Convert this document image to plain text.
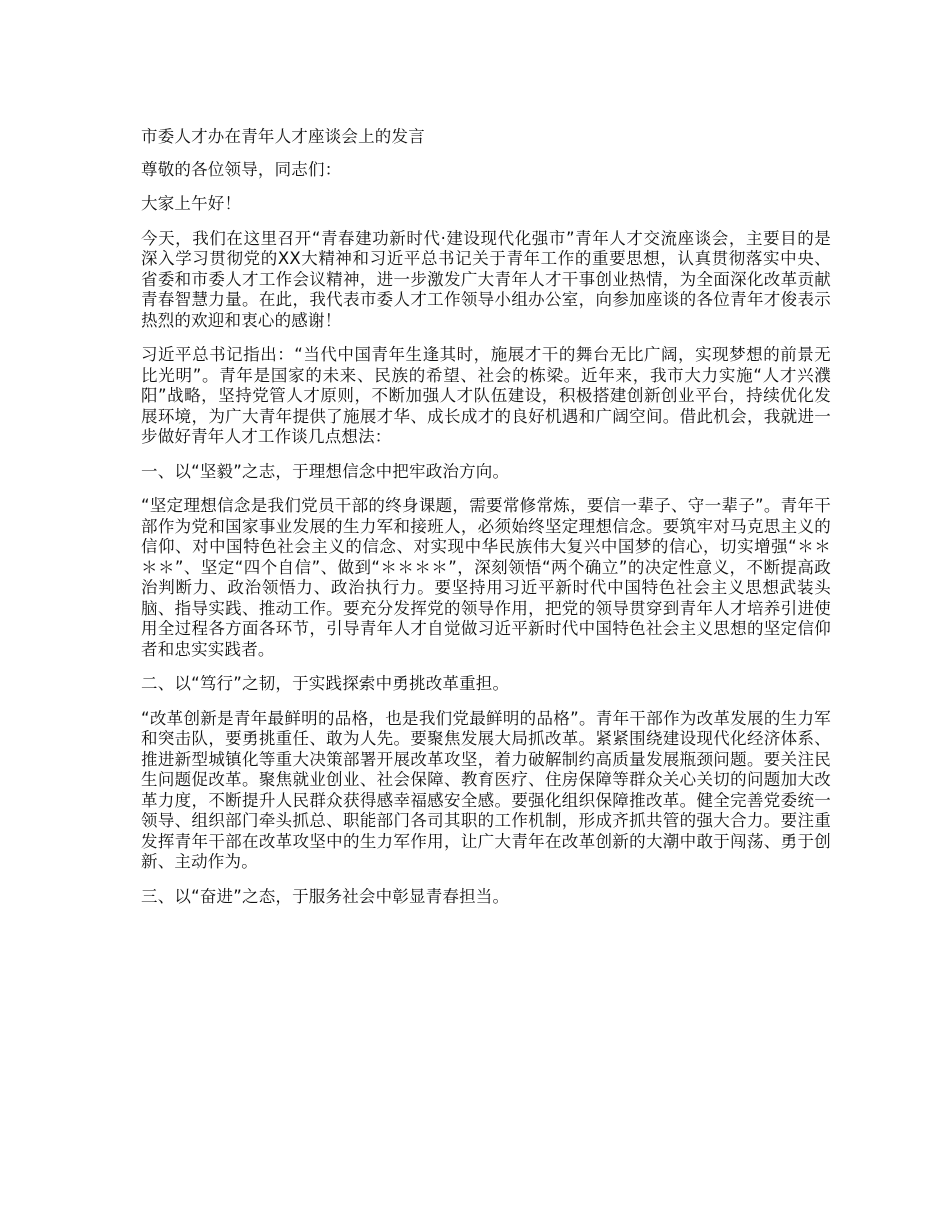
市委人才办在青年人才座谈会上的发言

尊敬的各位领导，同志们：

大家上午好！

今天，我们在这里召开“青春建功新时代·建设现代化强市”青年人才交流座谈会，主要目的是深入学习贯彻党的XX大精神和习近平总书记关于青年工作的重要思想，认真贯彻落实中央、省委和市委人才工作会议精神，进一步激发广大青年人才干事创业热情，为全面深化改革贡献青春智慧力量。在此，我代表市委人才工作领导小组办公室，向参加座谈的各位青年才俊表示热烈的欢迎和衷心的感谢！

习近平总书记指出：“当代中国青年生逢其时，施展才干的舞台无比广阔，实现梦想的前景无比光明”。青年是国家的未来、民族的希望、社会的栋梁。近年来，我市大力实施“人才兴濮阳”战略，坚持党管人才原则，不断加强人才队伍建设，积极搭建创新创业平台，持续优化发展环境，为广大青年提供了施展才华、成长成才的良好机遇和广阔空间。借此机会，我就进一步做好青年人才工作谈几点想法：

一、以“坚毅”之志，于理想信念中把牢政治方向。

“坚定理想信念是我们党员干部的终身课题，需要常修常炼，要信一辈子、守一辈子”。青年干部作为党和国家事业发展的生力军和接班人，必须始终坚定理想信念。要筑牢对马克思主义的信仰、对中国特色社会主义的信念、对实现中华民族伟大复兴中国梦的信心，切实增强“＊＊＊＊”、坚定“四个自信”、做到“＊＊＊＊”，深刻领悟“两个确立”的决定性意义，不断提高政治判断力、政治领悟力、政治执行力。要坚持用习近平新时代中国特色社会主义思想武装头脑、指导实践、推动工作。要充分发挥党的领导作用，把党的领导贯穿到青年人才培养引进使用全过程各方面各环节，引导青年人才自觉做习近平新时代中国特色社会主义思想的坚定信仰者和忠实实践者。

二、以“笃行”之韧，于实践探索中勇挑改革重担。

“改革创新是青年最鲜明的品格，也是我们党最鲜明的品格”。青年干部作为改革发展的生力军和突击队，要勇挑重任、敢为人先。要聚焦发展大局抓改革。紧紧围绕建设现代化经济体系、推进新型城镇化等重大决策部署开展改革攻坚，着力破解制约高质量发展瓶颈问题。要关注民生问题促改革。聚焦就业创业、社会保障、教育医疗、住房保障等群众关心关切的问题加大改革力度，不断提升人民群众获得感幸福感安全感。要强化组织保障推改革。健全完善党委统一领导、组织部门牵头抓总、职能部门各司其职的工作机制，形成齐抓共管的强大合力。要注重发挥青年干部在改革攻坚中的生力军作用，让广大青年在改革创新的大潮中敢于闯荡、勇于创新、主动作为。

三、以“奋进”之态，于服务社会中彰显青春担当。
